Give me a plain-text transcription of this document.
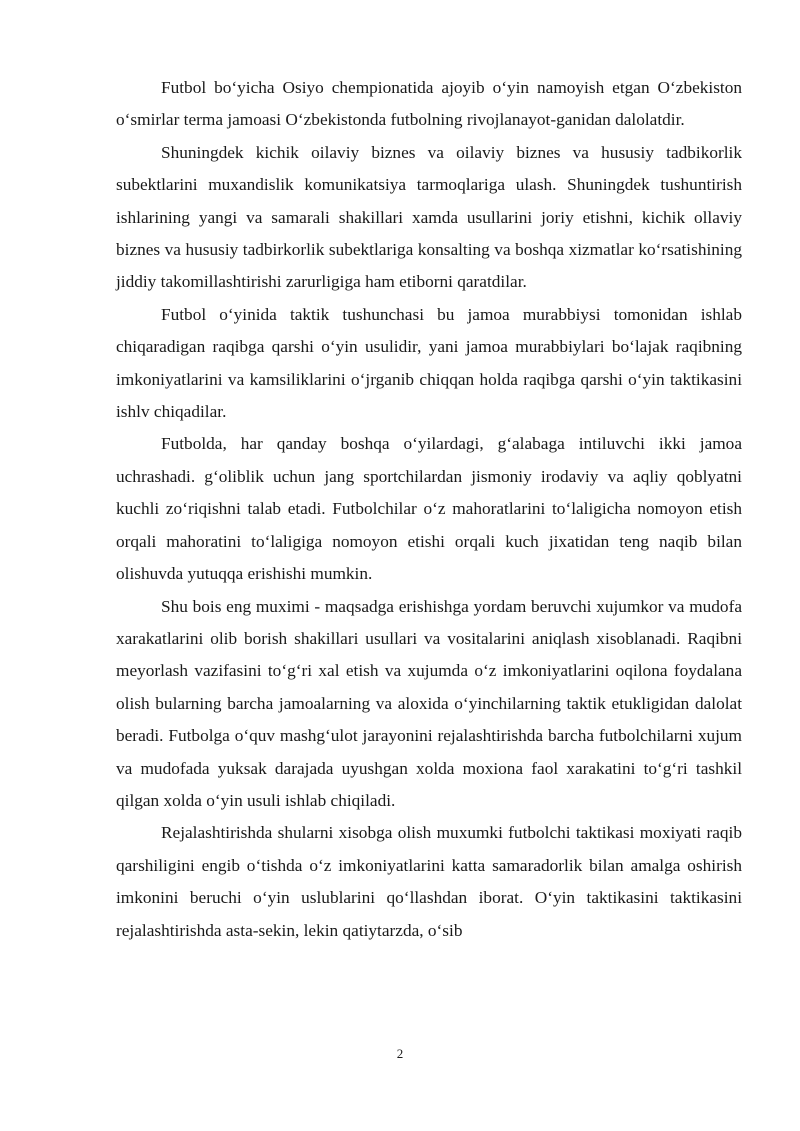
Futbol bo‘yicha Osiyo chempionatida ajoyib o‘yin namoyish etgan O‘zbekiston o‘smirlar terma jamoasi O‘zbekistonda futbolning rivojlanayot-ganidan dalolatdir.

Shuningdek kichik oilaviy biznes va oilaviy biznes va hususiy tadbikorlik subektlarini muxandislik komunikatsiya tarmoqlariga ulash. Shuningdek tushuntirish ishlarining yangi va samarali shakillari xamda usullarini joriy etishni, kichik ollaviy biznes va hususiy tadbirkorlik subektlariga konsalting va boshqa xizmatlar ko‘rsatishining jiddiy takomillashtirishi zarurligiga ham etiborni qaratdilar.

Futbol o‘yinida taktik tushunchasi bu jamoa murabbiysi tomonidan ishlab chiqaradigan raqibga qarshi o‘yin usulidir, yani jamoa murabbiylari bo‘lajak raqibning imkoniyatlarini va kamsiliklarini o‘jrganib chiqqan holda raqibga qarshi o‘yin taktikasini ishlv chiqadilar.

Futbolda, har qanday boshqa o‘yilardagi, g‘alabaga intiluvchi ikki jamoa uchrashadi. g‘oliblik uchun jang sportchilardan jismoniy irodaviy va aqliy qoblyatni kuchli zo‘riqishni talab etadi. Futbolchilar o‘z mahoratlarini to‘laligicha nomoyon etish orqali mahoratini to‘laligiga nomoyon etishi orqali kuch jixatidan teng naqib bilan olishuvda yutuqqa erishishi mumkin.

Shu bois eng muximi - maqsadga erishishga yordam beruvchi xujumkor va mudofa xarakatlarini olib borish shakillari usullari va vositalarini aniqlash xisoblanadi. Raqibni meyorlash vazifasini to‘g‘ri xal etish va xujumda o‘z imkoniyatlarini oqilona foydalana olish bularning barcha jamoalarning va aloxida o‘yinchilarning taktik etukligidan dalolat beradi. Futbolga o‘quv mashg‘ulot jarayonini rejalashtirishda barcha futbolchilarni xujum va mudofada yuksak darajada uyushgan xolda moxiona faol xarakatini to‘g‘ri tashkil qilgan xolda o‘yin usuli ishlab chiqiladi.

Rejalashtirishda shularni xisobga olish muxumki futbolchi taktikasi moxiyati raqib qarshiligini engib o‘tishda o‘z imkoniyatlarini katta samaradorlik bilan amalga oshirish imkonini beruchi o‘yin uslublarini qo‘llashdan iborat. O‘yin taktikasini taktikasini rejalashtirishda asta-sekin, lekin qatiytarzda, o‘sib

2
